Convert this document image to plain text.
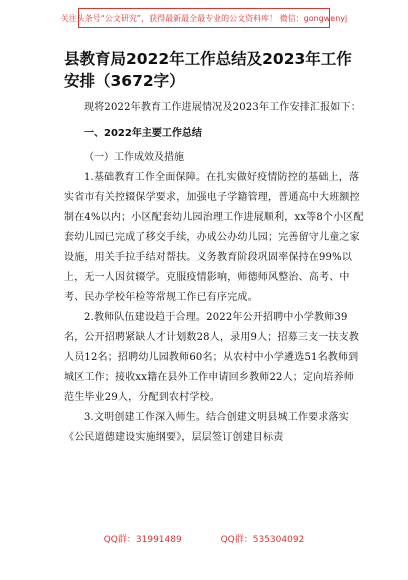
关注头条号“公文研究”，获得最新最全最专业的公文资料库！ 微信：gongwenyj
县教育局2022年工作总结及2023年工作安排（3672字）

现将2022年教育工作进展情况及2023年工作安排汇报如下：

一、2022年主要工作总结

（一）工作成效及措施

1.基础教育工作全面保障。在扎实做好疫情防控的基础上，落实省市有关控辍保学要求，加强电子学籍管理，普通高中大班额控制在4%以内；小区配套幼儿园治理工作进展顺利，xx等8个小区配套幼儿园已完成了移交手续，办成公办幼儿园；完善留守儿童之家设施，用关手拉手结对帮扶。义务教育阶段巩固率保持在99%以上，无一人因贫辍学。克服疫情影响，师德师风整治、高考、中考、民办学校年检等常规工作已有序完成。

2.教师队伍建设趋于合理。2022年公开招聘中小学教师39名，公开招聘紧缺人才计划数28人，录用9人；招募三支一扶支教人员12名；招聘幼儿园教师60名；从农村中小学遴选51名教师到城区工作；接收xx籍在县外工作申请回乡教师22人；定向培养师范生毕业29人，分配到农村学校。

3.文明创建工作深入师生。结合创建文明县城工作要求落实《公民道德建设实施纲要》，层层签订创建目标责

QQ群：31991489	QQ群：535304092
